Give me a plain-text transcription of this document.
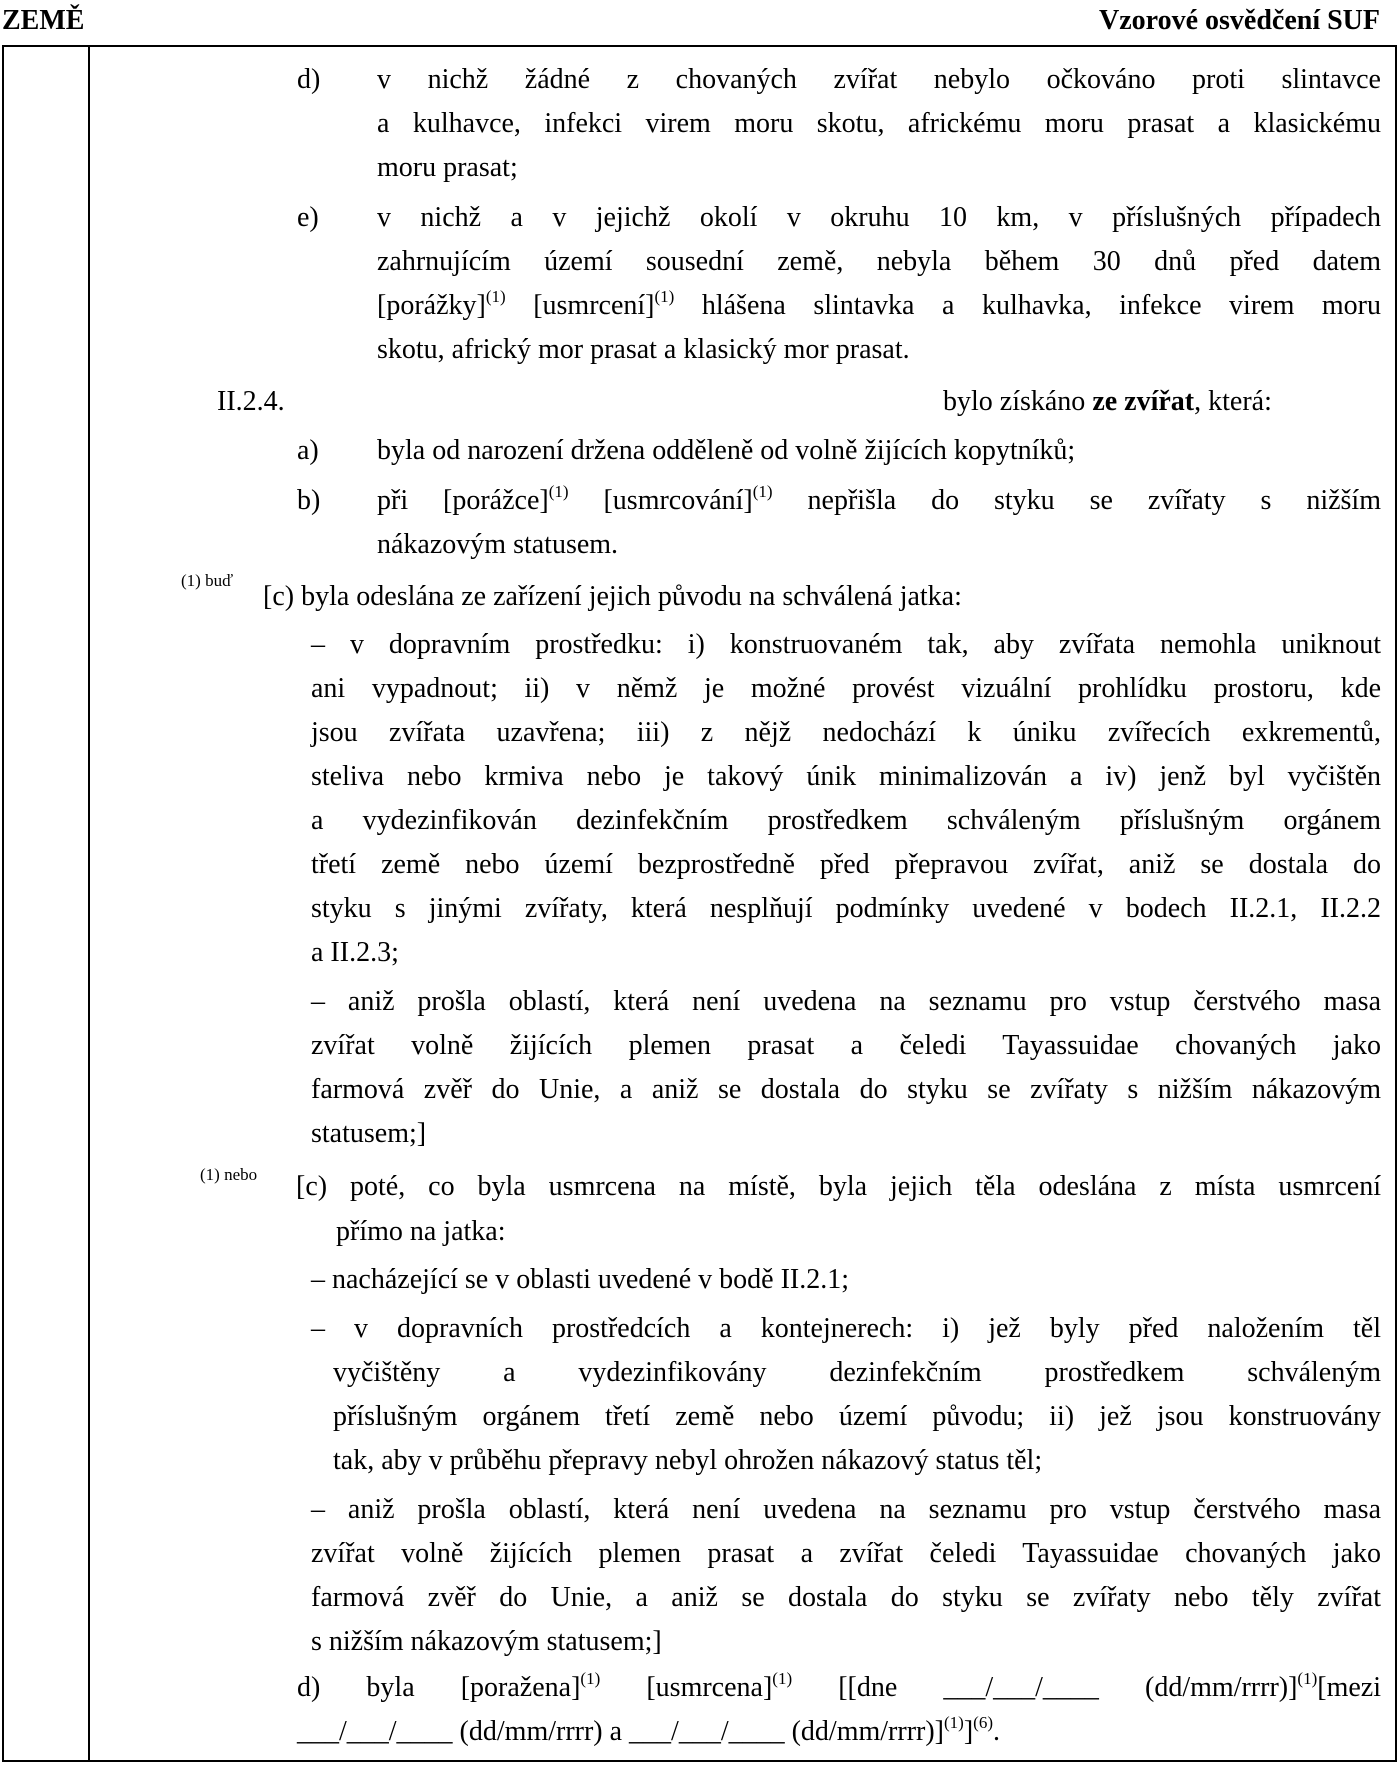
ZEMĚ	Vzorové osvědčení SUF
d) v nichž žádné z chovaných zvířat nebylo očkováno proti slintavce
a kulhavce, infekci virem moru skotu, africkému moru prasat a klasickému
moru prasat;
e) v nichž a v jejichž okolí v okruhu 10 km, v příslušných případech
zahrnujícím území sousední země, nebyla během 30 dnů před datem
[porážky]$^{(1)}$ [usmrcení]$^{(1)}$ hlášena slintavka a kulhavka, infekce virem moru
skotu, africký mor prasat a klasický mor prasat.
II.2.4.	bylo získáno ze zvířat, která:
a) byla od narození držena odděleně od volně žijících kopytníků;
b) při [porážce]$^{(1)}$ [usmrcování]$^{(1)}$ nepřišla do styku se zvířaty s nižším
nákazovým statusem.
(1) buď
[c) byla odeslána ze zařízení jejich původu na schválená jatka:
– v dopravním prostředku: i) konstruovaném tak, aby zvířata nemohla uniknout
ani vypadnout; ii) v němž je možné provést vizuální prohlídku prostoru, kde
jsou zvířata uzavřena; iii) z nějž nedochází k úniku zvířecích exkrementů,
steliva nebo krmiva nebo je takový únik minimalizován a iv) jenž byl vyčištěn
a vydezinfikován dezinfekčním prostředkem schváleným příslušným orgánem
třetí země nebo území bezprostředně před přepravou zvířat, aniž se dostala do
styku s jinými zvířaty, která nesplňují podmínky uvedené v bodech II.2.1, II.2.2
a II.2.3;
– aniž prošla oblastí, která není uvedena na seznamu pro vstup čerstvého masa
zvířat volně žijících plemen prasat a čeledi Tayassuidae chovaných jako
farmová zvěř do Unie, a aniž se dostala do styku se zvířaty s nižším nákazovým
statusem;]
(1) nebo [c) poté, co byla usmrcena na místě, byla jejich těla odeslána z místa usmrcení
přímo na jatka:
– nacházející se v oblasti uvedené v bodě II.2.1;
– v dopravních prostředcích a kontejnerech: i) jež byly před naložením těl
vyčištěny a vydezinfikovány dezinfekčním prostředkem schváleným
příslušným orgánem třetí země nebo území původu; ii) jež jsou konstruovány
tak, aby v průběhu přepravy nebyl ohrožen nákazový status těl;
– aniž prošla oblastí, která není uvedena na seznamu pro vstup čerstvého masa
zvířat volně žijících plemen prasat a zvířat čeledi Tayassuidae chovaných jako
farmová zvěř do Unie, a aniž se dostala do styku se zvířaty nebo těly zvířat
s nižším nákazovým statusem;]
d) byla [poražena]$^{(1)}$ [usmrcena]$^{(1)}$ [[dne ___/___/____ (dd/mm/rrrr)]$^{(1)}$[mezi
___/___/____ (dd/mm/rrrr) a ___/___/____ (dd/mm/rrrr)]$^{(1)}$]$^{(6)}$.
